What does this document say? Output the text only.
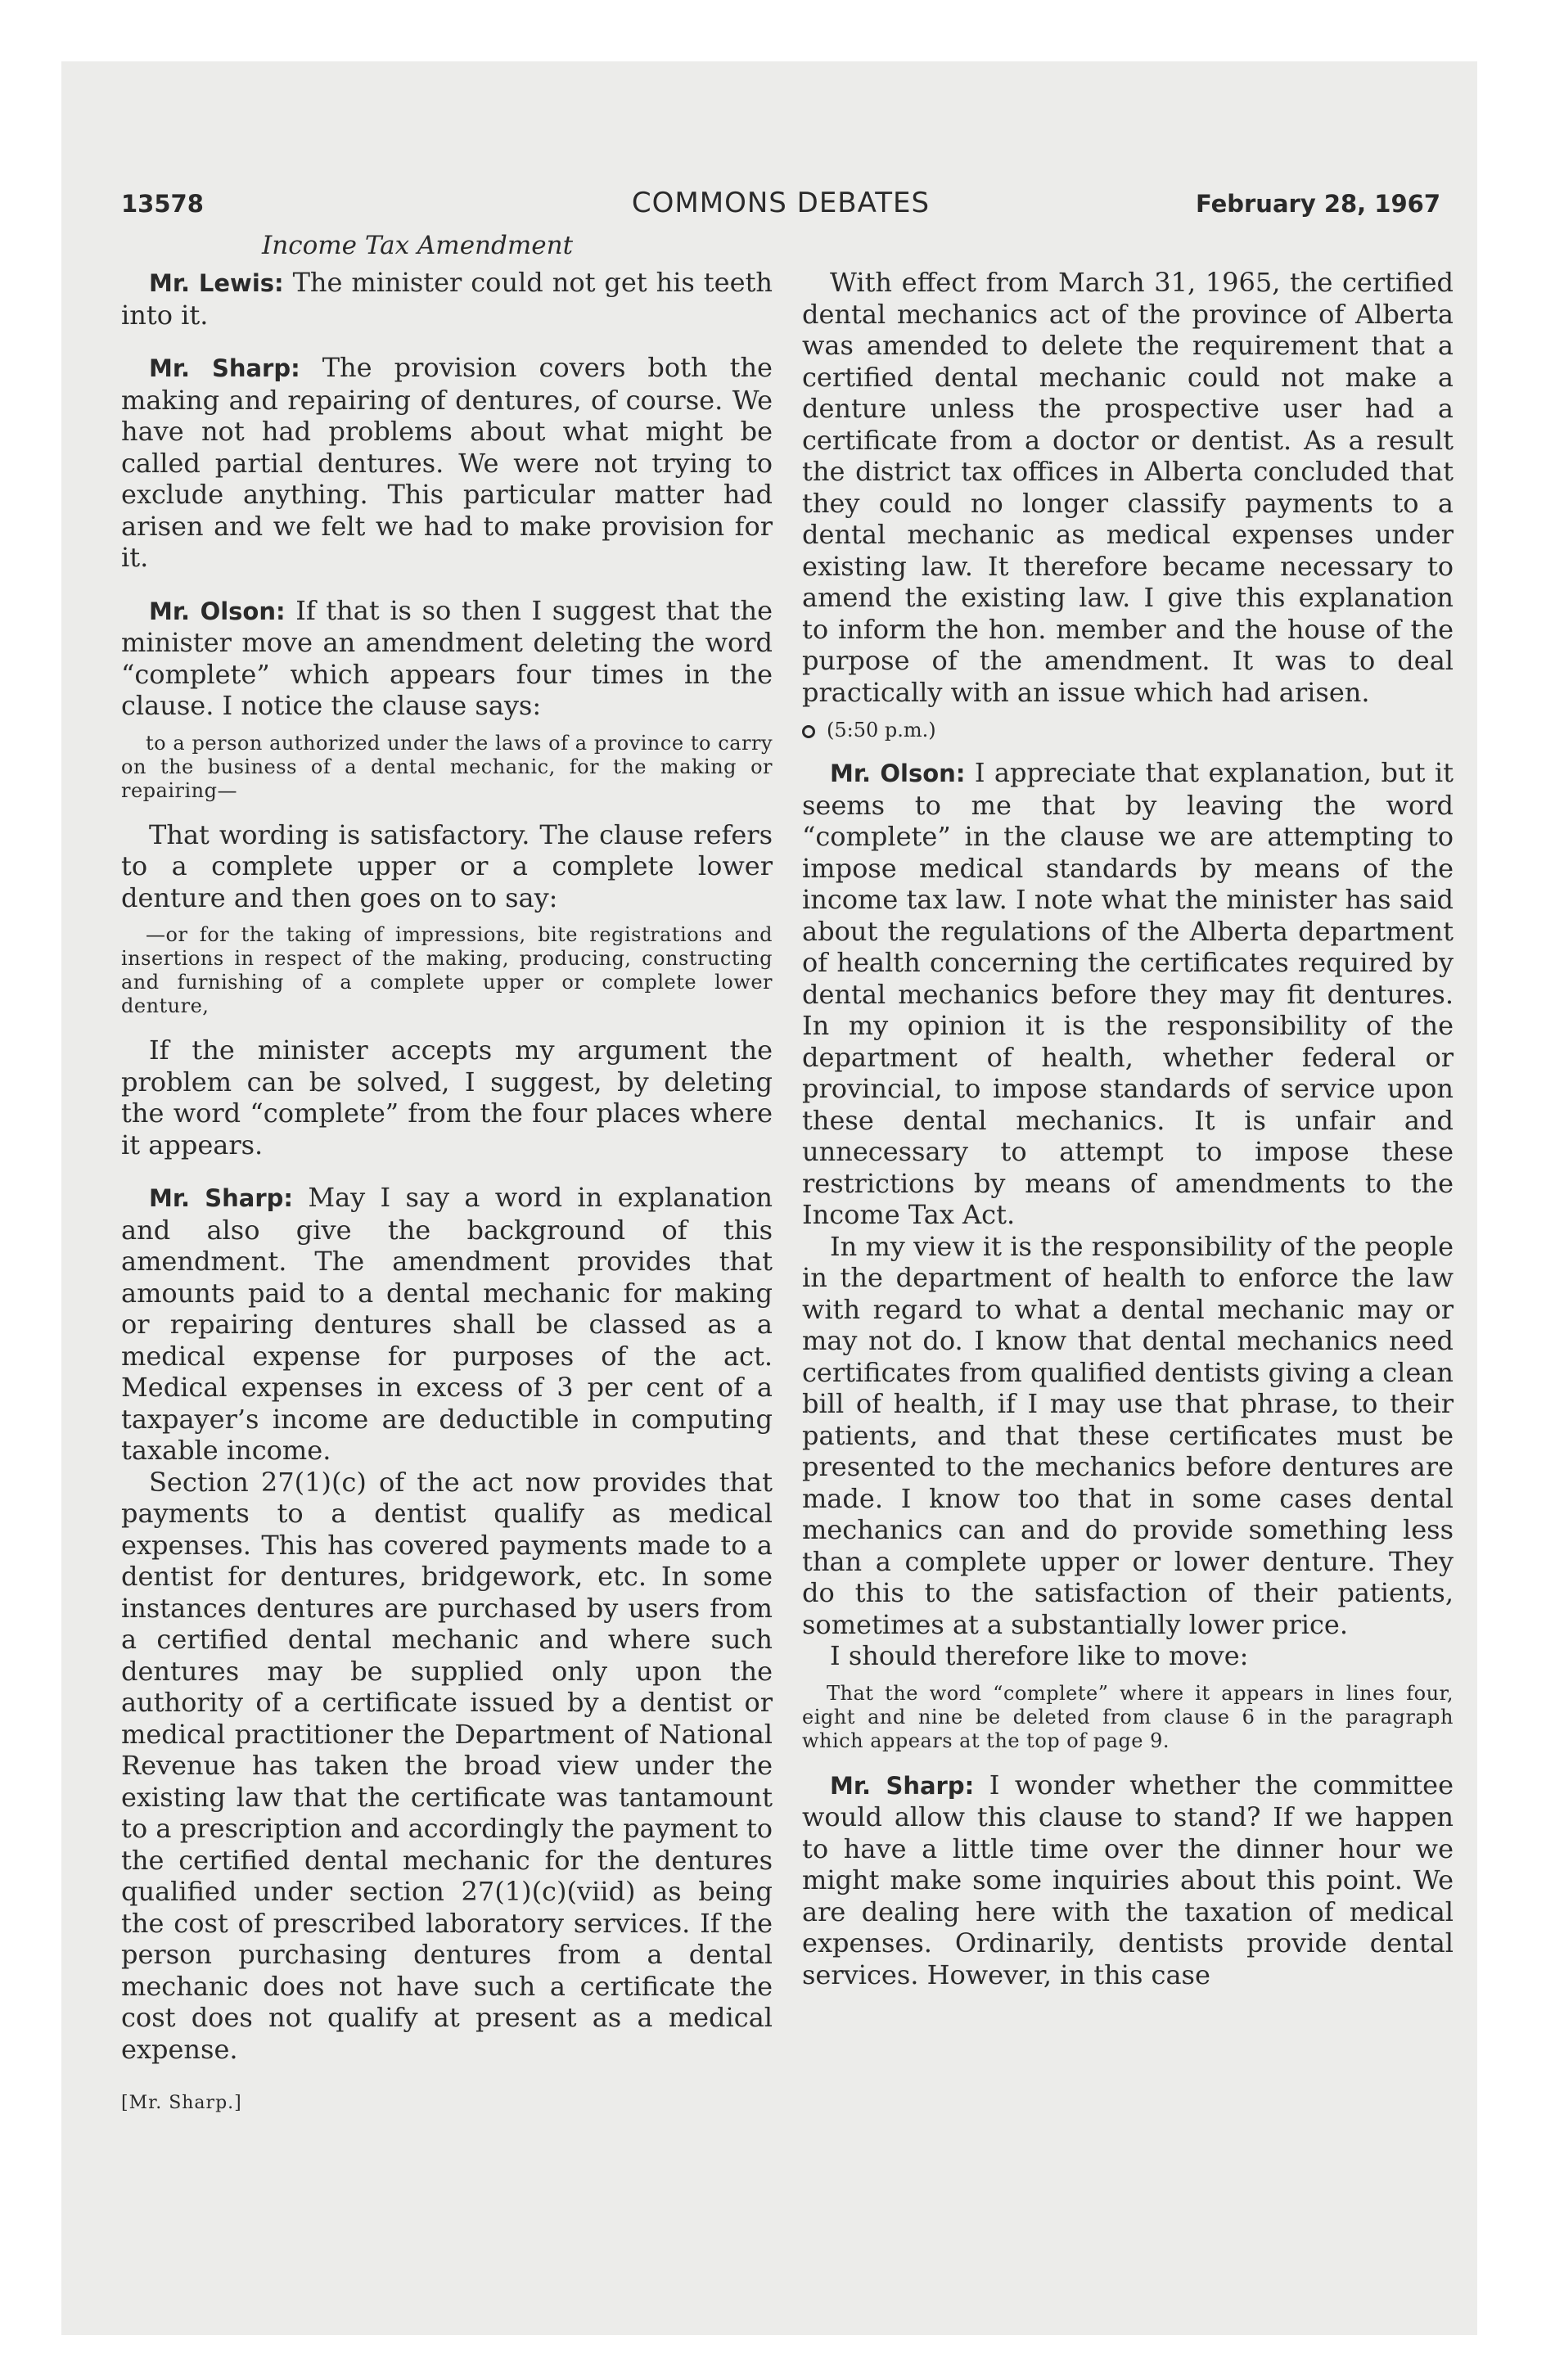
13578	COMMONS DEBATES	February 28, 1967
Income Tax Amendment

Mr. Lewis: The minister could not get his teeth into it.

Mr. Sharp: The provision covers both the making and repairing of dentures, of course. We have not had problems about what might be called partial dentures. We were not trying to exclude anything. This particular matter had arisen and we felt we had to make provision for it.

Mr. Olson: If that is so then I suggest that the minister move an amendment deleting the word “complete” which appears four times in the clause. I notice the clause says:

to a person authorized under the laws of a province to carry on the business of a dental mechanic, for the making or repairing—

That wording is satisfactory. The clause refers to a complete upper or a complete lower denture and then goes on to say:

—or for the taking of impressions, bite registrations and insertions in respect of the making, producing, constructing and furnishing of a complete upper or complete lower denture,

If the minister accepts my argument the problem can be solved, I suggest, by deleting the word “complete” from the four places where it appears.

Mr. Sharp: May I say a word in explanation and also give the background of this amendment. The amendment provides that amounts paid to a dental mechanic for making or repairing dentures shall be classed as a medical expense for purposes of the act. Medical expenses in excess of 3 per cent of a taxpayer’s income are deductible in computing taxable income.

Section 27(1)(c) of the act now provides that payments to a dentist qualify as medical expenses. This has covered payments made to a dentist for dentures, bridgework, etc. In some instances dentures are purchased by users from a certified dental mechanic and where such dentures may be supplied only upon the authority of a certificate issued by a dentist or medical practitioner the Department of National Revenue has taken the broad view under the existing law that the certificate was tantamount to a prescription and accordingly the payment to the certified dental mechanic for the dentures qualified under section 27(1)(c)(viid) as being the cost of prescribed laboratory services. If the person purchasing dentures from a dental mechanic does not have such a certificate the cost does not qualify at present as a medical expense.

[Mr. Sharp.]

With effect from March 31, 1965, the certified dental mechanics act of the province of Alberta was amended to delete the requirement that a certified dental mechanic could not make a denture unless the prospective user had a certificate from a doctor or dentist. As a result the district tax offices in Alberta concluded that they could no longer classify payments to a dental mechanic as medical expenses under existing law. It therefore became necessary to amend the existing law. I give this explanation to inform the hon. member and the house of the purpose of the amendment. It was to deal practically with an issue which had arisen.

(5:50 p.m.)

Mr. Olson: I appreciate that explanation, but it seems to me that by leaving the word “complete” in the clause we are attempting to impose medical standards by means of the income tax law. I note what the minister has said about the regulations of the Alberta department of health concerning the certificates required by dental mechanics before they may fit dentures. In my opinion it is the responsibility of the department of health, whether federal or provincial, to impose standards of service upon these dental mechanics. It is unfair and unnecessary to attempt to impose these restrictions by means of amendments to the Income Tax Act.

In my view it is the responsibility of the people in the department of health to enforce the law with regard to what a dental mechanic may or may not do. I know that dental mechanics need certificates from qualified dentists giving a clean bill of health, if I may use that phrase, to their patients, and that these certificates must be presented to the mechanics before dentures are made. I know too that in some cases dental mechanics can and do provide something less than a complete upper or lower denture. They do this to the satisfaction of their patients, sometimes at a substantially lower price.

I should therefore like to move:

That the word “complete” where it appears in lines four, eight and nine be deleted from clause 6 in the paragraph which appears at the top of page 9.

Mr. Sharp: I wonder whether the committee would allow this clause to stand? If we happen to have a little time over the dinner hour we might make some inquiries about this point. We are dealing here with the taxation of medical expenses. Ordinarily, dentists provide dental services. However, in this case
